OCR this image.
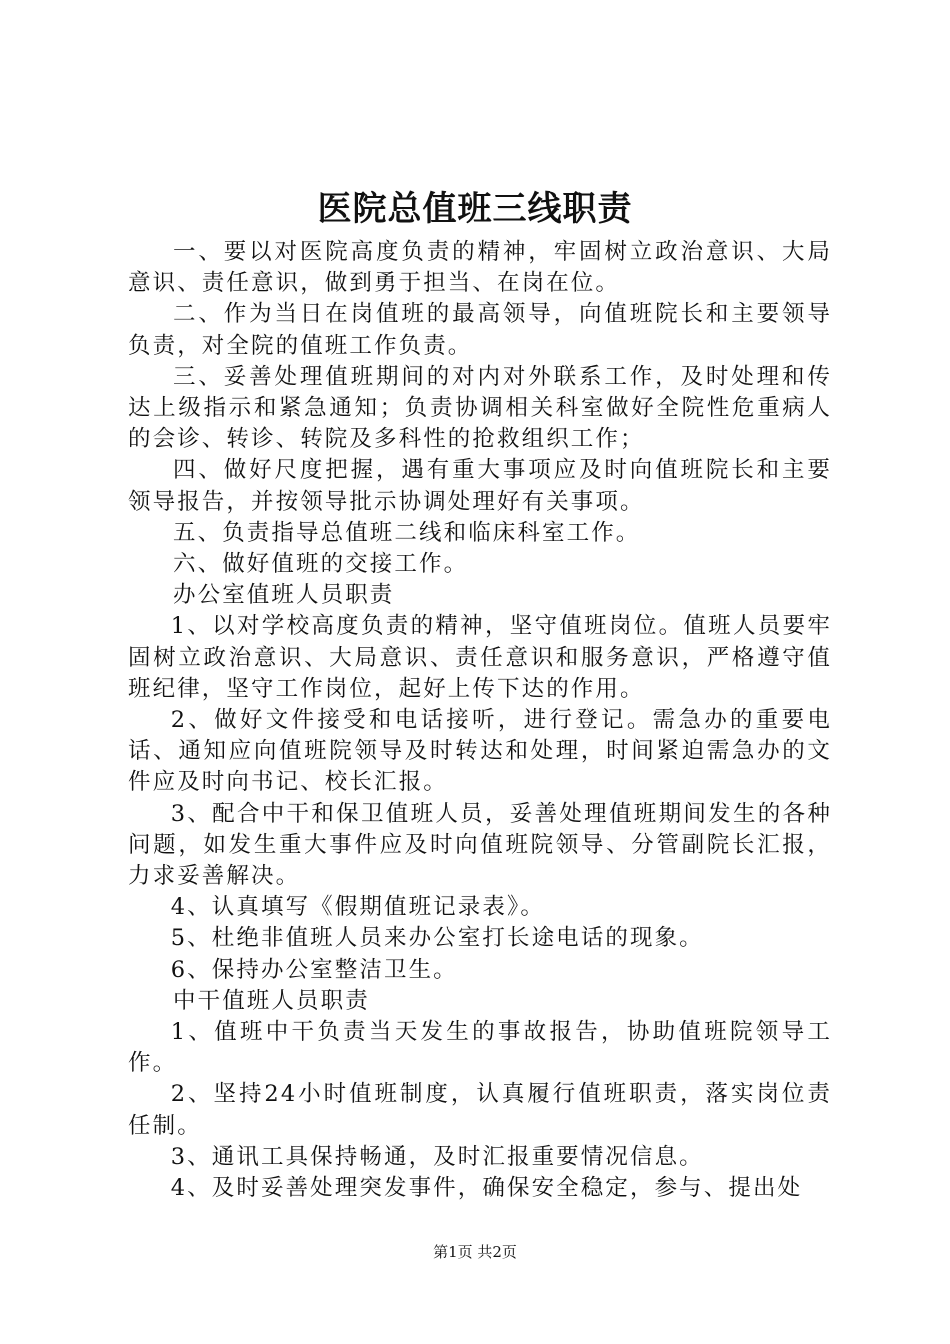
医院总值班三线职责

一、要以对医院高度负责的精神，牢固树立政治意识、大局意识、责任意识，做到勇于担当、在岗在位。

二、作为当日在岗值班的最高领导，向值班院长和主要领导负责，对全院的值班工作负责。

三、妥善处理值班期间的对内对外联系工作，及时处理和传达上级指示和紧急通知；负责协调相关科室做好全院性危重病人的会诊、转诊、转院及多科性的抢救组织工作；

四、做好尺度把握，遇有重大事项应及时向值班院长和主要领导报告，并按领导批示协调处理好有关事项。

五、负责指导总值班二线和临床科室工作。

六、做好值班的交接工作。

办公室值班人员职责

1、以对学校高度负责的精神，坚守值班岗位。值班人员要牢固树立政治意识、大局意识、责任意识和服务意识，严格遵守值班纪律，坚守工作岗位，起好上传下达的作用。

2、做好文件接受和电话接听，进行登记。需急办的重要电话、通知应向值班院领导及时转达和处理，时间紧迫需急办的文件应及时向书记、校长汇报。

3、配合中干和保卫值班人员，妥善处理值班期间发生的各种问题，如发生重大事件应及时向值班院领导、分管副院长汇报，力求妥善解决。

4、认真填写《假期值班记录表》。

5、杜绝非值班人员来办公室打长途电话的现象。

6、保持办公室整洁卫生。

中干值班人员职责

1、值班中干负责当天发生的事故报告，协助值班院领导工作。

2、坚持24小时值班制度，认真履行值班职责，落实岗位责任制。

3、通讯工具保持畅通，及时汇报重要情况信息。

4、及时妥善处理突发事件，确保安全稳定，参与、提出处

第1页 共2页
